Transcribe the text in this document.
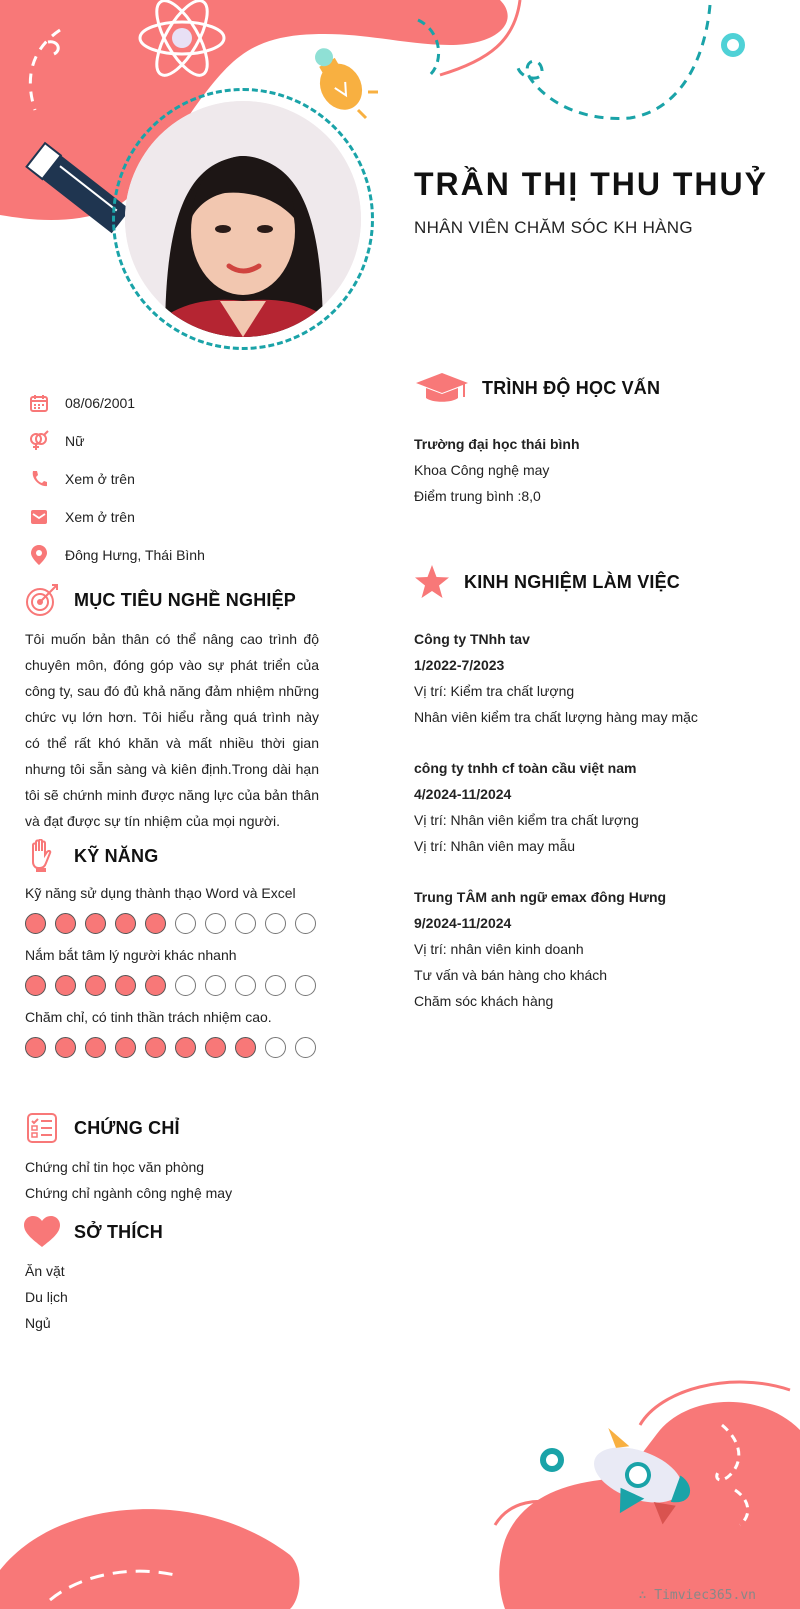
TRẦN THỊ THU THUỶ
NHÂN VIÊN CHĂM SÓC KH HÀNG
08/06/2001
Nữ
Xem ở trên
Xem ở trên
Đông Hưng, Thái Bình
MỤC TIÊU NGHỀ NGHIỆP
Tôi muốn bản thân có thể nâng cao trình độ chuyên môn, đóng góp vào sự phát triển của công ty, sau đó đủ khả năng đảm nhiệm những chức vụ lớn hơn. Tôi hiểu rằng quá trình này có thể rất khó khăn và mất nhiều thời gian nhưng tôi sẵn sàng và kiên định.Trong dài hạn tôi sẽ chứnh minh được năng lực của bản thân và đạt được sự tín nhiệm của mọi người.
KỸ NĂNG
Kỹ năng sử dụng thành thạo Word và Excel
Nắm bắt tâm lý người khác nhanh
Chăm chỉ, có tinh thần trách nhiệm cao.
CHỨNG CHỈ
Chứng chỉ tin học văn phòng
Chứng chỉ ngành công nghệ may
SỞ THÍCH
Ăn vặt
Du lịch
Ngủ
TRÌNH ĐỘ HỌC VẤN
Trường đại học thái bình
Khoa Công nghệ may
Điểm trung bình :8,0
KINH NGHIỆM LÀM VIỆC
Công ty TNhh tav
1/2022-7/2023
Vị trí: Kiểm tra chất lượng
Nhân viên kiểm tra chất lượng hàng may mặc
công ty tnhh cf toàn cầu việt nam
4/2024-11/2024
Vị trí: Nhân viên kiểm tra chất lượng
Vị trí: Nhân viên may mẫu
Trung TÂM anh ngữ emax đông Hưng
9/2024-11/2024
Vị trí: nhân viên kinh doanh
Tư vấn và bán hàng cho khách
Chăm sóc khách hàng
∴ Timviec365.vn
